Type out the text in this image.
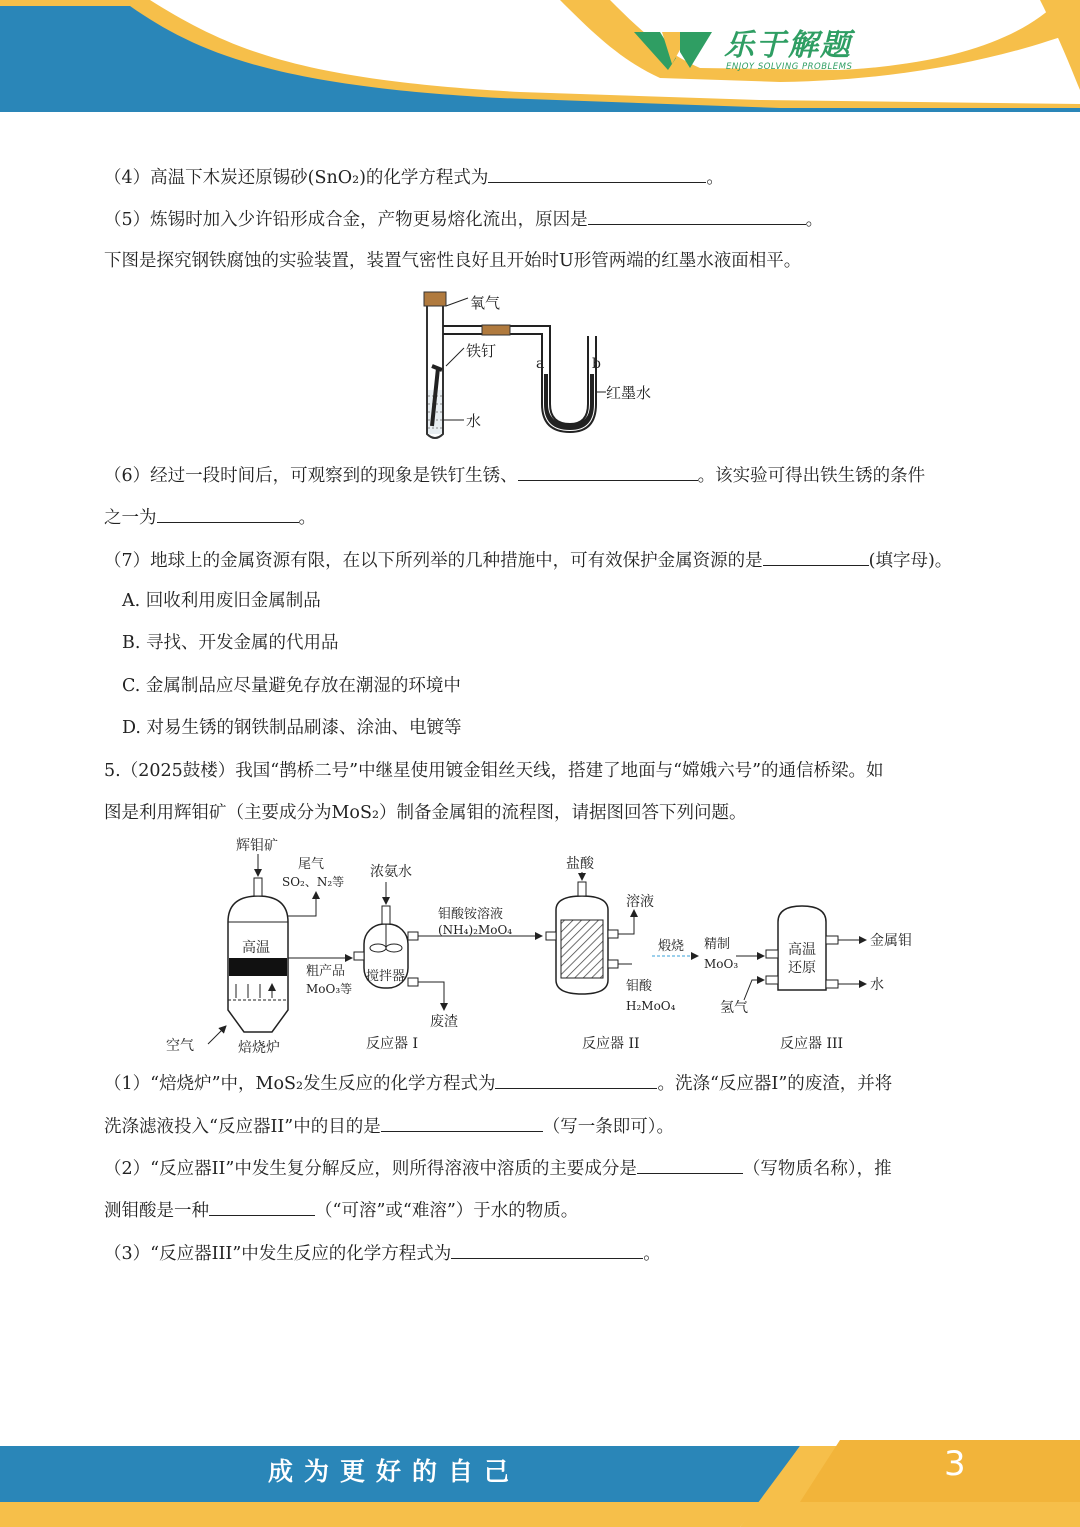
乐于解题
ENJOY SOLVING PROBLEMS
（4）高温下木炭还原锡砂(SnO₂)的化学方程式为	。
（5）炼锡时加入少许铅形成合金，产物更易熔化流出，原因是	。
下图是探究钢铁腐蚀的实验装置，装置气密性良好且开始时U形管两端的红墨水液面相平。
氧气
铁钉
水
a	b
红墨水
（6）经过一段时间后，可观察到的现象是铁钉生锈、	。该实验可得出铁生锈的条件
之一为	。
（7）地球上的金属资源有限，在以下所列举的几种措施中，可有效保护金属资源的是	(填字母)。
A. 回收利用废旧金属制品
B. 寻找、开发金属的代用品
C. 金属制品应尽量避免存放在潮湿的环境中
D. 对易生锈的钢铁制品刷漆、涂油、电镀等
5.（2025鼓楼）我国“鹊桥二号”中继星使用镀金钼丝天线，搭建了地面与“嫦娥六号”的通信桥梁。如
图是利用辉钼矿（主要成分为MoS₂）制备金属钼的流程图，请据图回答下列问题。
辉钼矿
尾气
SO₂、N₂等
高温
空气	焙烧炉
粗产品
MoO₃等
浓氨水
搅拌器
废渣
反应器 I
钼酸铵溶液
(NH₄)₂MoO₄
盐酸
溶液
钼酸
H₂MoO₄
反应器 II
煅烧 精制
MoO₃
氢气
高温
还原
金属钼
水
反应器 III
（1）“焙烧炉”中，MoS₂发生反应的化学方程式为	。洗涤“反应器I”的废渣，并将
洗涤滤液投入“反应器II”中的目的是	（写一条即可）。
（2）“反应器II”中发生复分解反应，则所得溶液中溶质的主要成分是	（写物质名称），推
测钼酸是一种	（“可溶”或“难溶”）于水的物质。
（3）“反应器III”中发生反应的化学方程式为	。
成为更好的自己	3
